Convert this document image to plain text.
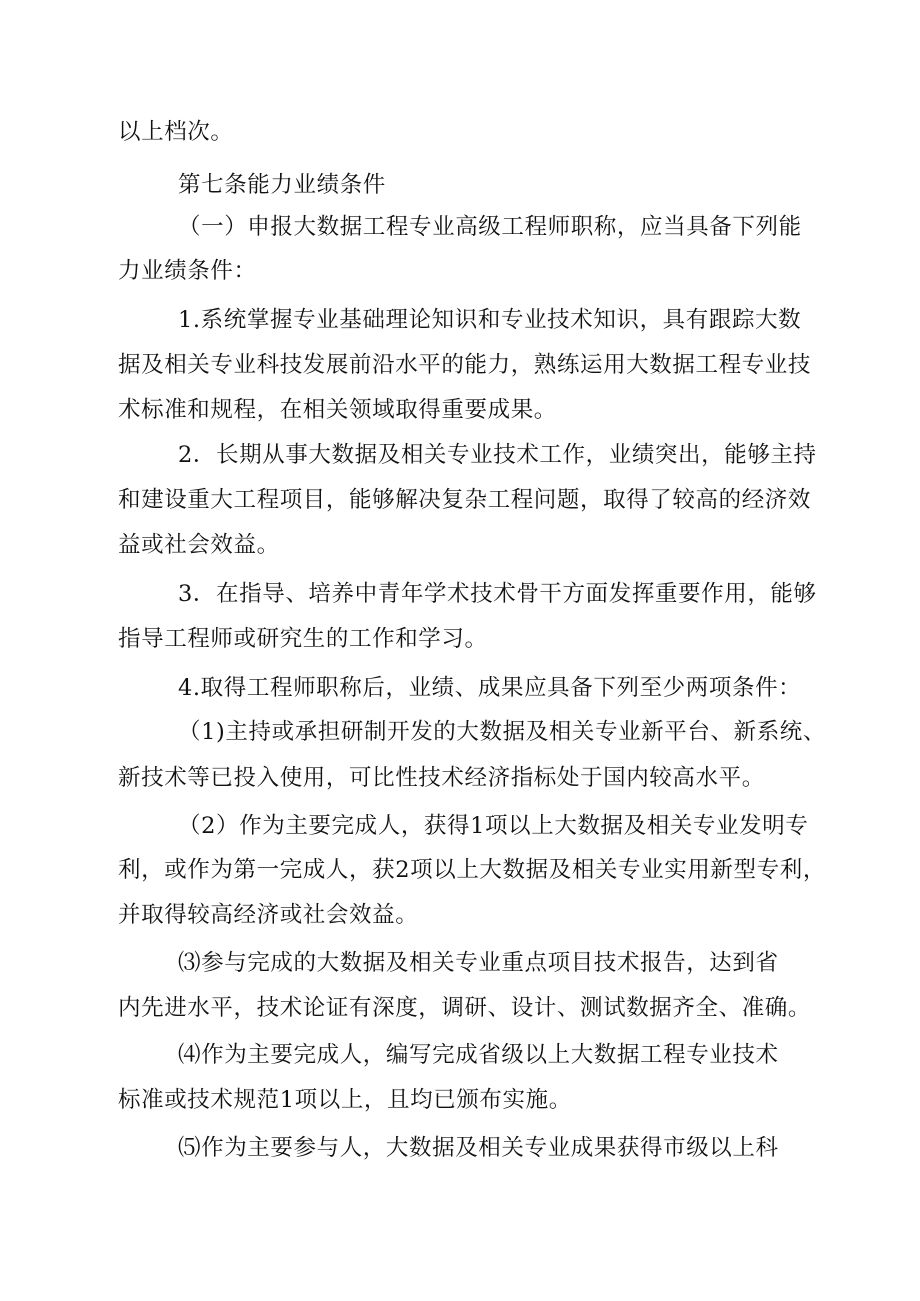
以上档次。
第七条能力业绩条件
（一）申报大数据工程专业高级工程师职称，应当具备下列能
力业绩条件：
1.系统掌握专业基础理论知识和专业技术知识，具有跟踪大数
据及相关专业科技发展前沿水平的能力，熟练运用大数据工程专业技
术标准和规程，在相关领域取得重要成果。
2．长期从事大数据及相关专业技术工作，业绩突出，能够主持
和建设重大工程项目，能够解决复杂工程问题，取得了较高的经济效
益或社会效益。
3．在指导、培养中青年学术技术骨干方面发挥重要作用，能够
指导工程师或研究生的工作和学习。
4.取得工程师职称后，业绩、成果应具备下列至少两项条件：
（1)主持或承担研制开发的大数据及相关专业新平台、新系统、
新技术等已投入使用，可比性技术经济指标处于国内较高水平。
（2）作为主要完成人，获得1项以上大数据及相关专业发明专
利，或作为第一完成人，获2项以上大数据及相关专业实用新型专利，
并取得较高经济或社会效益。
⑶参与完成的大数据及相关专业重点项目技术报告，达到省
内先进水平，技术论证有深度，调研、设计、测试数据齐全、准确。
⑷作为主要完成人，编写完成省级以上大数据工程专业技术
标准或技术规范1项以上，且均已颁布实施。
⑸作为主要参与人，大数据及相关专业成果获得市级以上科
